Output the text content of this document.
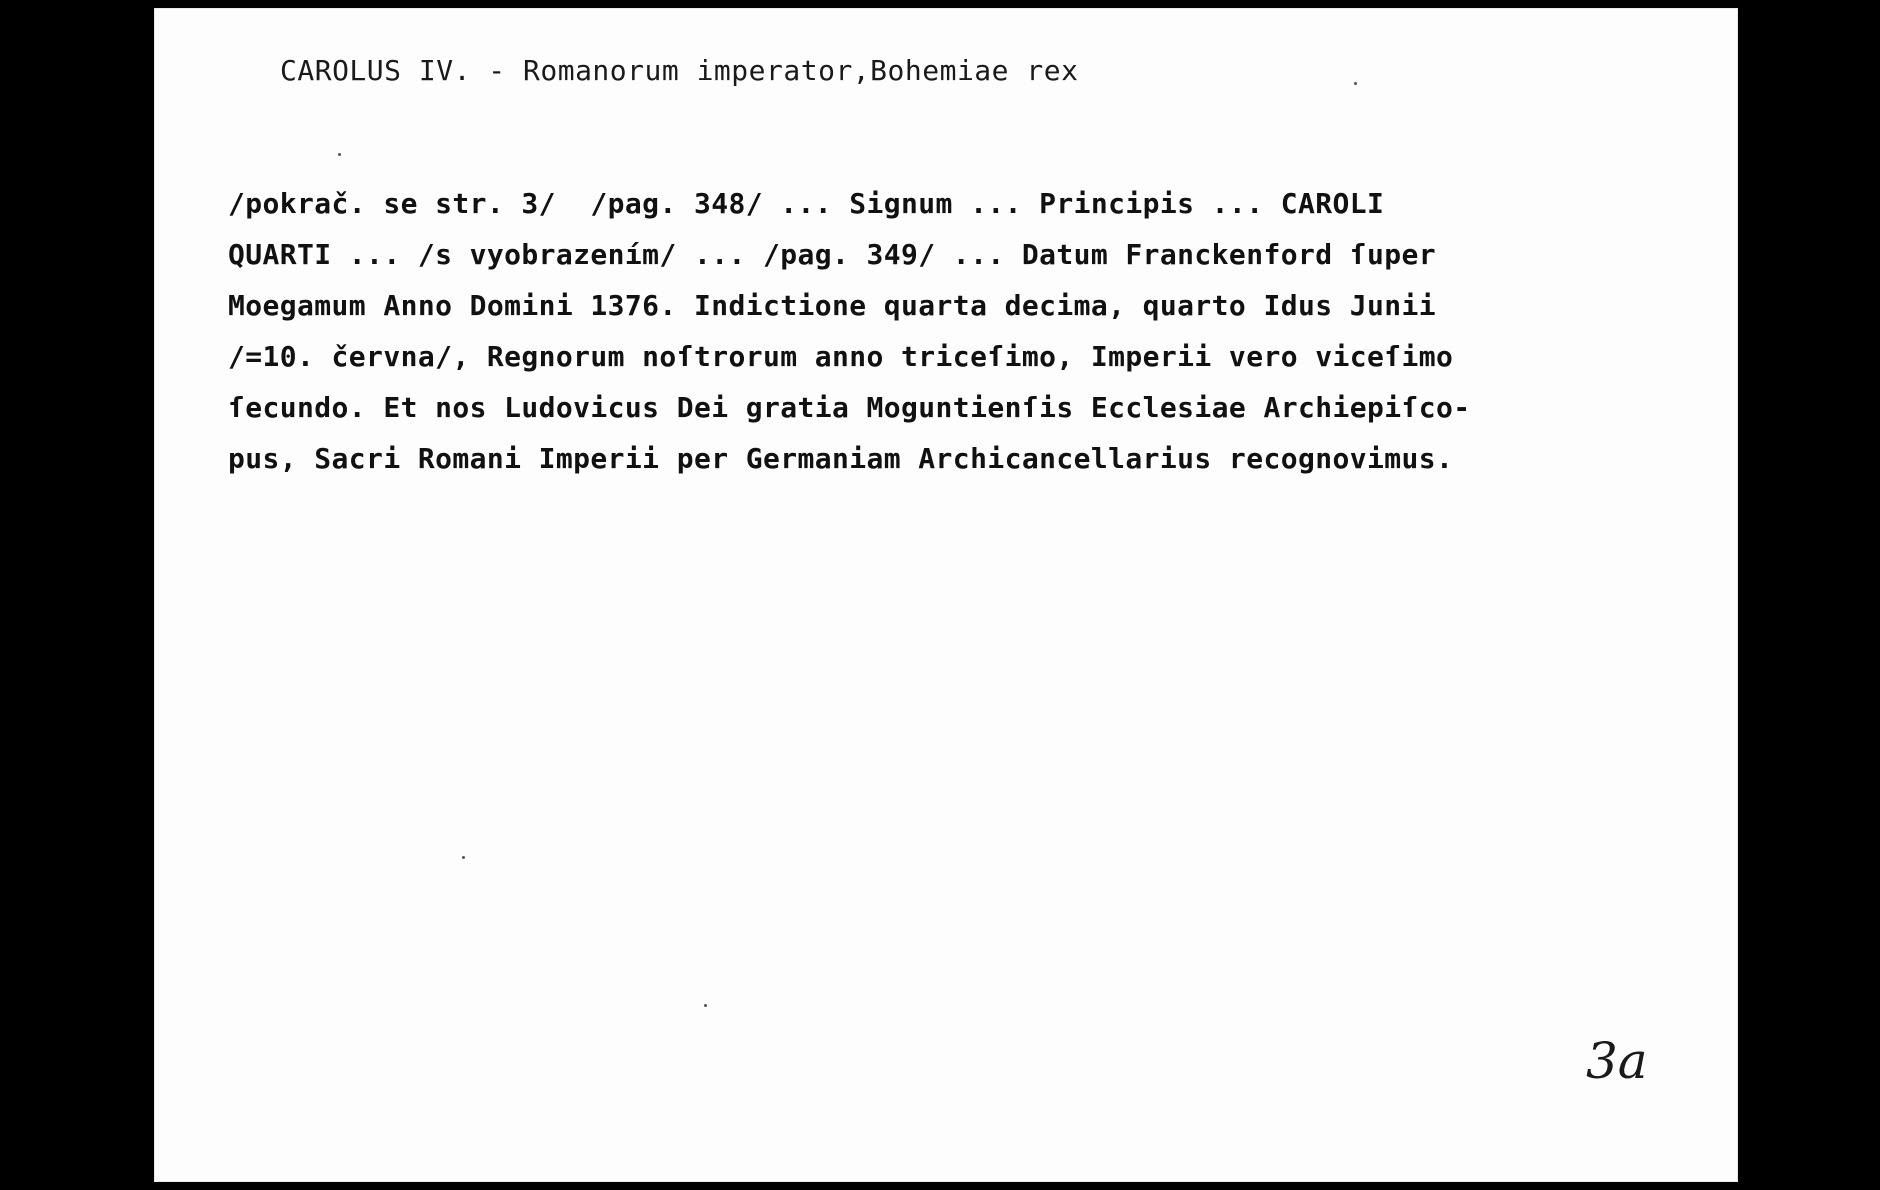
CAROLUS IV. - Romanorum imperator,Bohemiae rex
/pokrač. se str. 3/  /pag. 348/ ... Signum ... Principis ... CAROLI
QUARTI ... /s vyobrazením/ ... /pag. 349/ ... Datum Franckenford ſuper
Moegamum Anno Domini 1376. Indictione quarta decima, quarto Idus Junii
/=10. června/, Regnorum noſtrorum anno triceſimo, Imperii vero viceſimo
ſecundo. Et nos Ludovicus Dei gratia Moguntienſis Ecclesiae Archiepiſco-
pus, Sacri Romani Imperii per Germaniam Archicancellarius recognovimus.
3a
